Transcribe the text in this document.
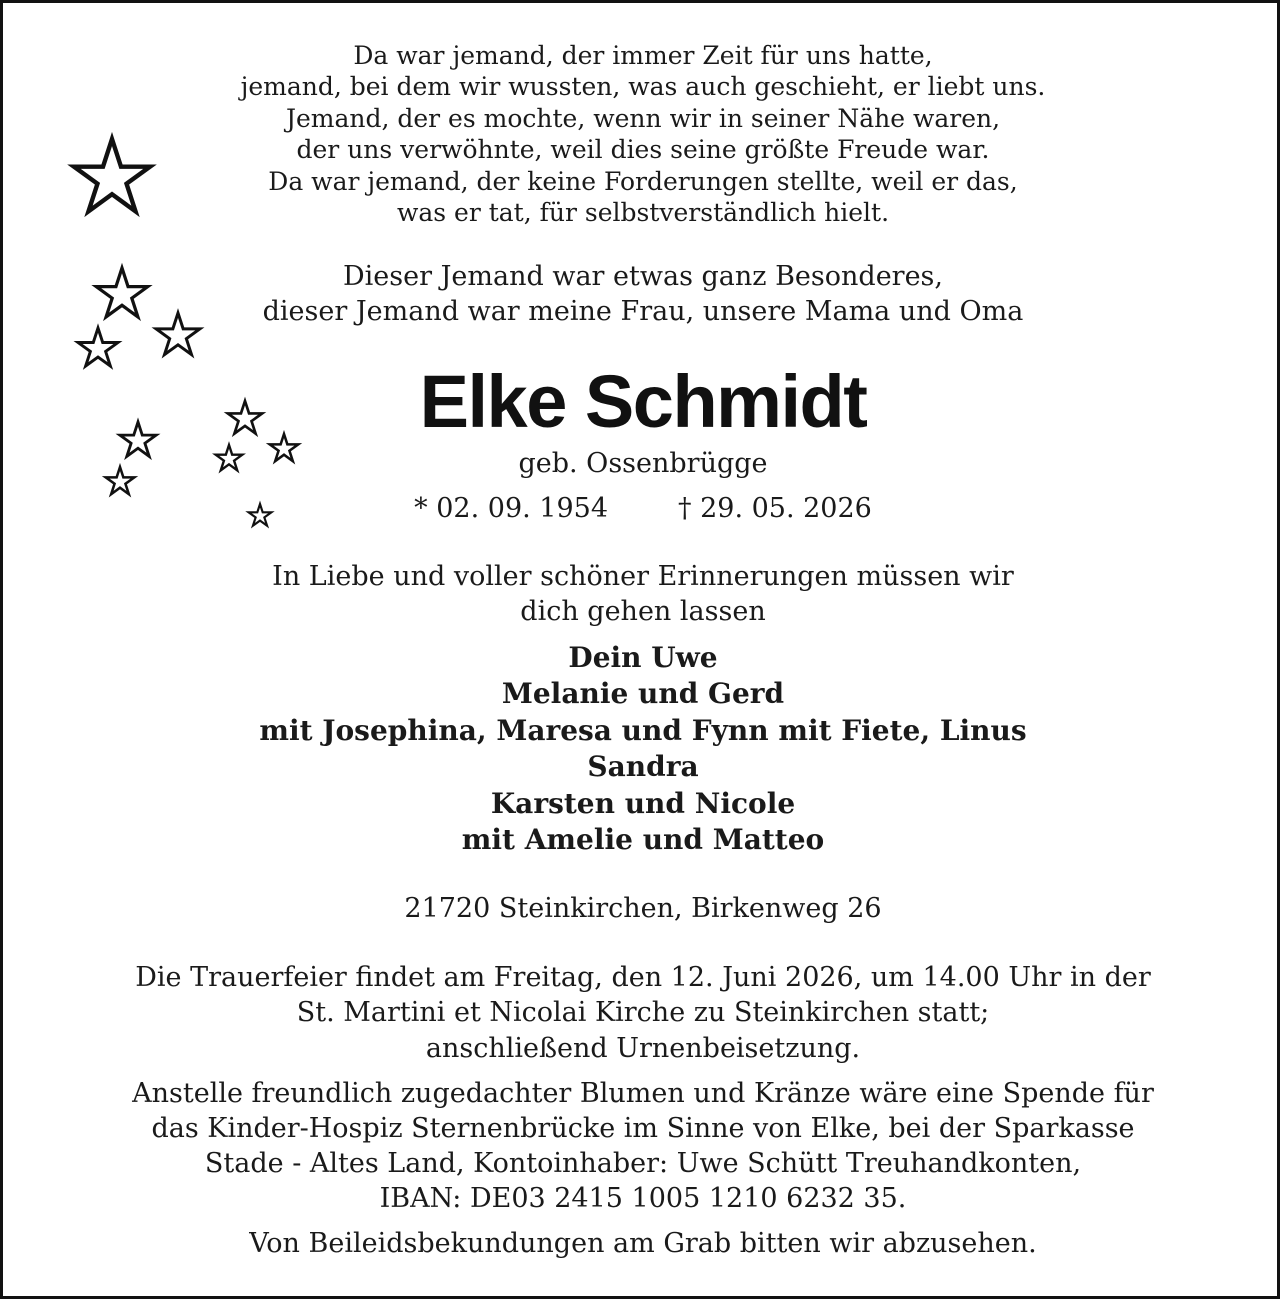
Da war jemand, der immer Zeit für uns hatte,

jemand, bei dem wir wussten, was auch geschieht, er liebt uns.

Jemand, der es mochte, wenn wir in seiner Nähe waren,

der uns verwöhnte, weil dies seine größte Freude war.

Da war jemand, der keine Forderungen stellte, weil er das,

was er tat, für selbstverständlich hielt.

Dieser Jemand war etwas ganz Besonderes,

dieser Jemand war meine Frau, unsere Mama und Oma

Elke Schmidt

geb. Ossenbrügge

* 02. 09. 1954	† 29. 05. 2026

In Liebe und voller schöner Erinnerungen müssen wir

dich gehen lassen

Dein Uwe

Melanie und Gerd

mit Josephina, Maresa und Fynn mit Fiete, Linus

Sandra

Karsten und Nicole

mit Amelie und Matteo

21720 Steinkirchen, Birkenweg 26

Die Trauerfeier findet am Freitag, den 12. Juni 2026, um 14.00 Uhr in der

St. Martini et Nicolai Kirche zu Steinkirchen statt;

anschließend Urnenbeisetzung.

Anstelle freundlich zugedachter Blumen und Kränze wäre eine Spende für

das Kinder-Hospiz Sternenbrücke im Sinne von Elke, bei der Sparkasse

Stade - Altes Land, Kontoinhaber: Uwe Schütt Treuhandkonten,

IBAN: DE03 2415 1005 1210 6232 35.

Von Beileidsbekundungen am Grab bitten wir abzusehen.
